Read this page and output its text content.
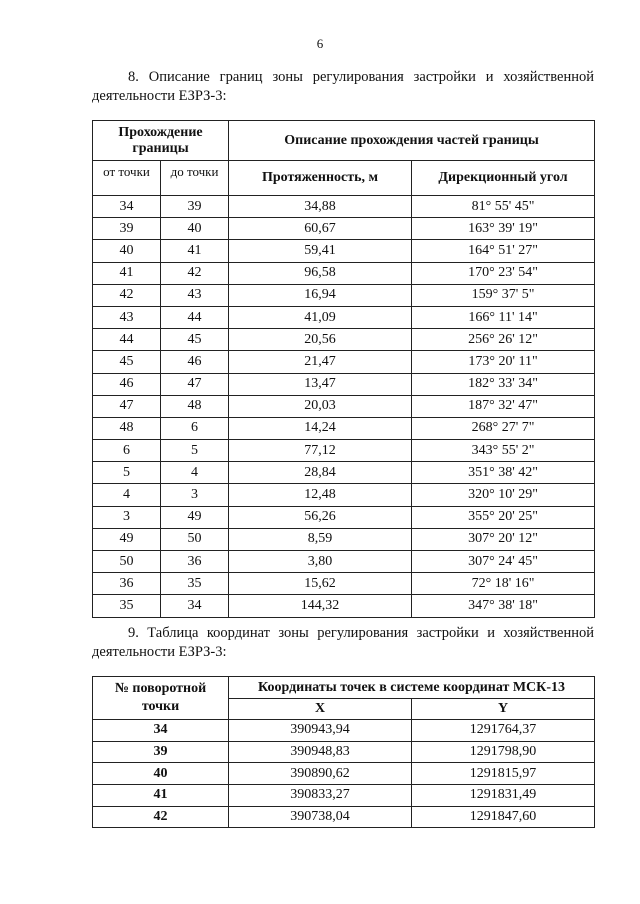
6
8. Описание границ зоны регулирования застройки и хозяйственной
деятельности ЕЗРЗ-3:
Прохождение границы		Описание прохождения частей границы	
от точки	до точки	Протяженность, м	Дирекционный угол
34	39	34,88	81° 55' 45"
39	40	60,67	163° 39' 19"
40	41	59,41	164° 51' 27"
41	42	96,58	170° 23' 54"
42	43	16,94	159° 37' 5"
43	44	41,09	166° 11' 14"
44	45	20,56	256° 26' 12"
45	46	21,47	173° 20' 11"
46	47	13,47	182° 33' 34"
47	48	20,03	187° 32' 47"
48	6	14,24	268° 27' 7"
6	5	77,12	343° 55' 2"
5	4	28,84	351° 38' 42"
4	3	12,48	320° 10' 29"
3	49	56,26	355° 20' 25"
49	50	8,59	307° 20' 12"
50	36	3,80	307° 24' 45"
36	35	15,62	72° 18' 16"
35	34	144,32	347° 38' 18"
9. Таблица координат зоны регулирования застройки и хозяйственной
деятельности ЕЗРЗ-3:
№ поворотной точки	Координаты точек в системе координат МСК-13	
	X	Y
34	390943,94	1291764,37
39	390948,83	1291798,90
40	390890,62	1291815,97
41	390833,27	1291831,49
42	390738,04	1291847,60
